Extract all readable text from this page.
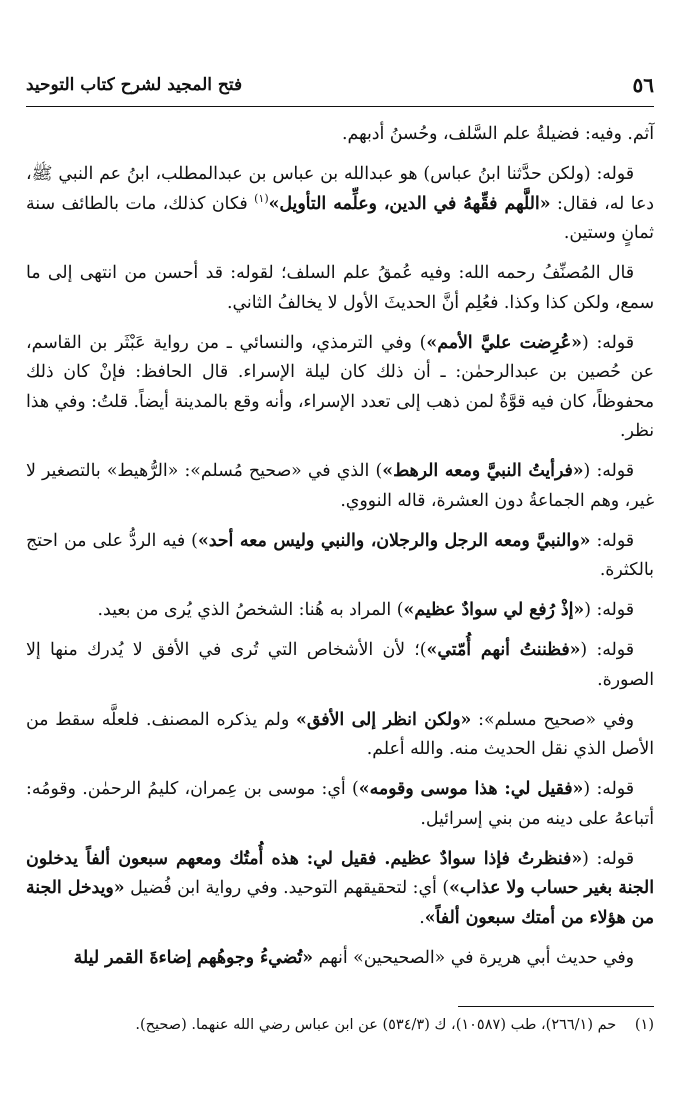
٥٦
فتح المجيد لشرح كتاب التوحيد

آثم. وفيه: فضيلةُ علم السَّلف، وحُسنُ أدبهم.

قوله: (ولكن حدَّثنا ابنُ عباس) هو عبدالله بن عباس بن عبدالمطلب، ابنُ عم النبي ﷺ، دعا له، فقال: «اللَّهم فقِّههُ في الدين، وعلِّمه التأويل»$^{(١)}$ فكان كذلك، مات بالطائف سنة ثمانٍ وستين.

قال المُصنِّفُ رحمه الله: وفيه عُمقُ علم السلف؛ لقوله: قد أحسن من انتهى إلى ما سمع، ولكن كذا وكذا. فعُلِم أنَّ الحديثَ الأول لا يخالفُ الثاني.

قوله: («عُرِضت عليَّ الأمم») وفي الترمذي، والنسائي ـ من رواية عَبْثَر بن القاسم، عن حُصين بن عبدالرحمٰن: ـ أن ذلك كان ليلة الإسراء. قال الحافظ: فإنْ كان ذلك محفوظاً، كان فيه قوَّةٌ لمن ذهب إلى تعدد الإسراء، وأنه وقع بالمدينة أيضاً. قلتُ: وفي هذا نظر.

قوله: («فرأيتُ النبيَّ ومعه الرهط») الذي في «صحيح مُسلم»: «الرُّهيط» بالتصغير لا غير، وهم الجماعةُ دون العشرة، قاله النووي.

قوله: «والنبيَّ ومعه الرجل والرجلان، والنبي وليس معه أحد») فيه الردُّ على من احتج بالكثرة.

قوله: («إذْ رُفع لي سوادٌ عظيم») المراد به هُنا: الشخصُ الذي يُرى من بعيد.

قوله: («فظننتُ أنهم أُمّتي»)؛ لأن الأشخاص التي تُرى في الأفق لا يُدرك منها إلا الصورة.

وفي «صحيح مسلم»: «ولكن انظر إلى الأفق» ولم يذكره المصنف. فلعلَّه سقط من الأصل الذي نقل الحديث منه. والله أعلم.

قوله: («فقيل لي: هذا موسى وقومه») أي: موسى بن عِمران، كليمُ الرحمٰن. وقومُه: أتباعهُ على دينه من بني إسرائيل.

قوله: («فنظرتُ فإذا سوادٌ عظيم. فقيل لي: هذه أُمتُك ومعهم سبعون ألفاً يدخلون الجنة بغير حساب ولا عذاب») أي: لتحقيقهم التوحيد. وفي رواية ابن فُضيل «ويدخل الجنة من هؤلاء من أمتك سبعون ألفاً».

وفي حديث أبي هريرة في «الصحيحين» أنهم «تُضيءُ وجوهُهم إضاءةَ القمر ليلة

(١) حم (٢٦٦/١)، طب (١٠٥٨٧)، ك (٥٣٤/٣) عن ابن عباس رضي الله عنهما. (صحيح).
